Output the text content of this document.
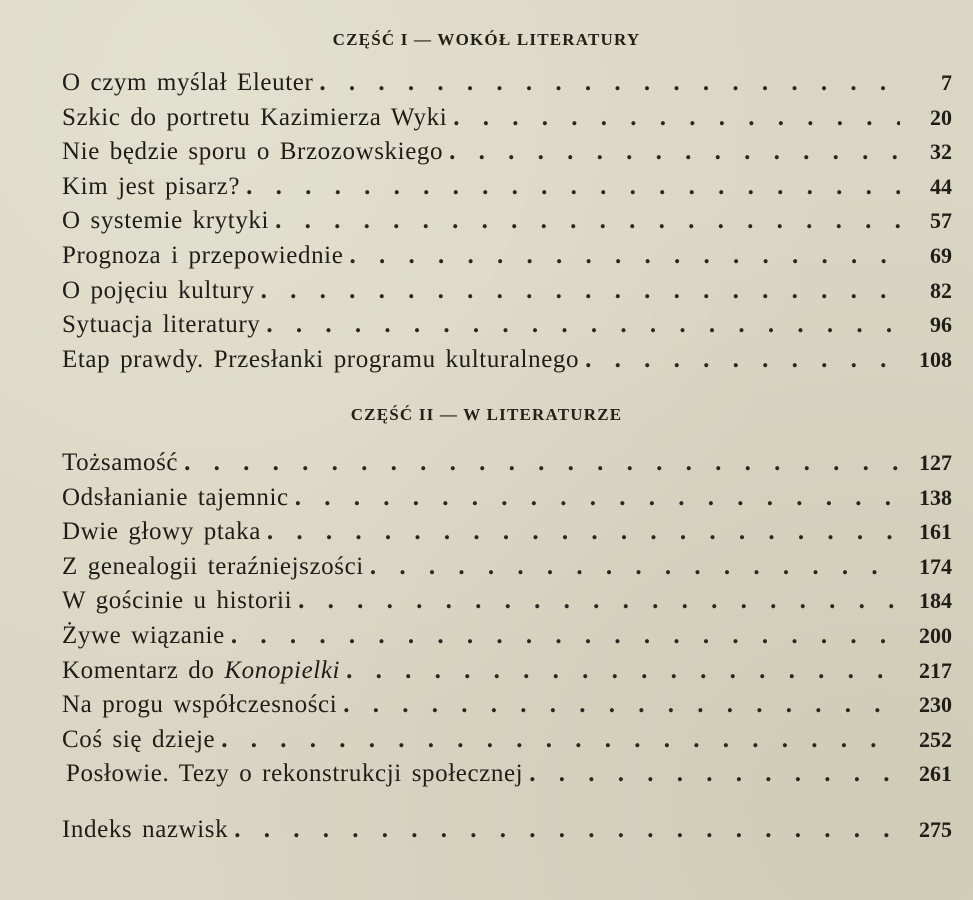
CZĘŚĆ I — WOKÓŁ LITERATURY
O czym myślał Eleuter . . .	7
Szkic do portretu Kazimierza Wyki . . .	20
Nie będzie sporu o Brzozowskiego . . .	32
Kim jest pisarz? . . .	44
O systemie krytyki . . .	57
Prognoza i przepowiednie . . .	69
O pojęciu kultury . . .	82
Sytuacja literatury . . .	96
Etap prawdy. Przesłanki programu kulturalnego . . .	108
CZĘŚĆ II — W LITERATURZE
Tożsamość . . .	127
Odsłanianie tajemnic . . .	138
Dwie głowy ptaka . . .	161
Z genealogii teraźniejszości . . .	174
W gościnie u historii . . .	184
Żywe wiązanie . . .	200
Komentarz do Konopielki . . .	217
Na progu współczesności . . .	230
Coś się dzieje . . .	252
Posłowie. Tezy o rekonstrukcji społecznej . . .	261
Indeks nazwisk . . .	275
